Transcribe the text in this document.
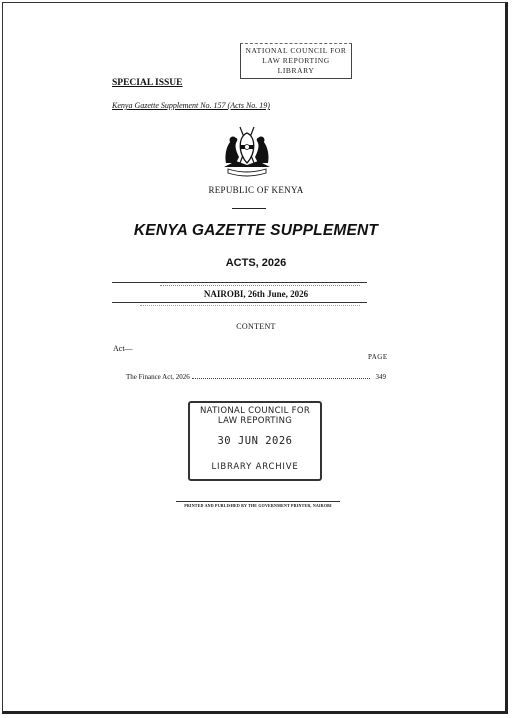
NATIONAL COUNCIL FOR
LAW REPORTING
LIBRARY
SPECIAL ISSUE
Kenya Gazette Supplement No. 157 (Acts No. 19)
REPUBLIC OF KENYA
KENYA GAZETTE SUPPLEMENT
ACTS, 2026
NAIROBI, 26th June, 2026
CONTENT
Act—
PAGE
The Finance Act, 2026	349
NATIONAL COUNCIL FOR
LAW REPORTING
30 JUN 2026
LIBRARY ARCHIVE
PRINTED AND PUBLISHED BY THE GOVERNMENT PRINTER, NAIROBI
